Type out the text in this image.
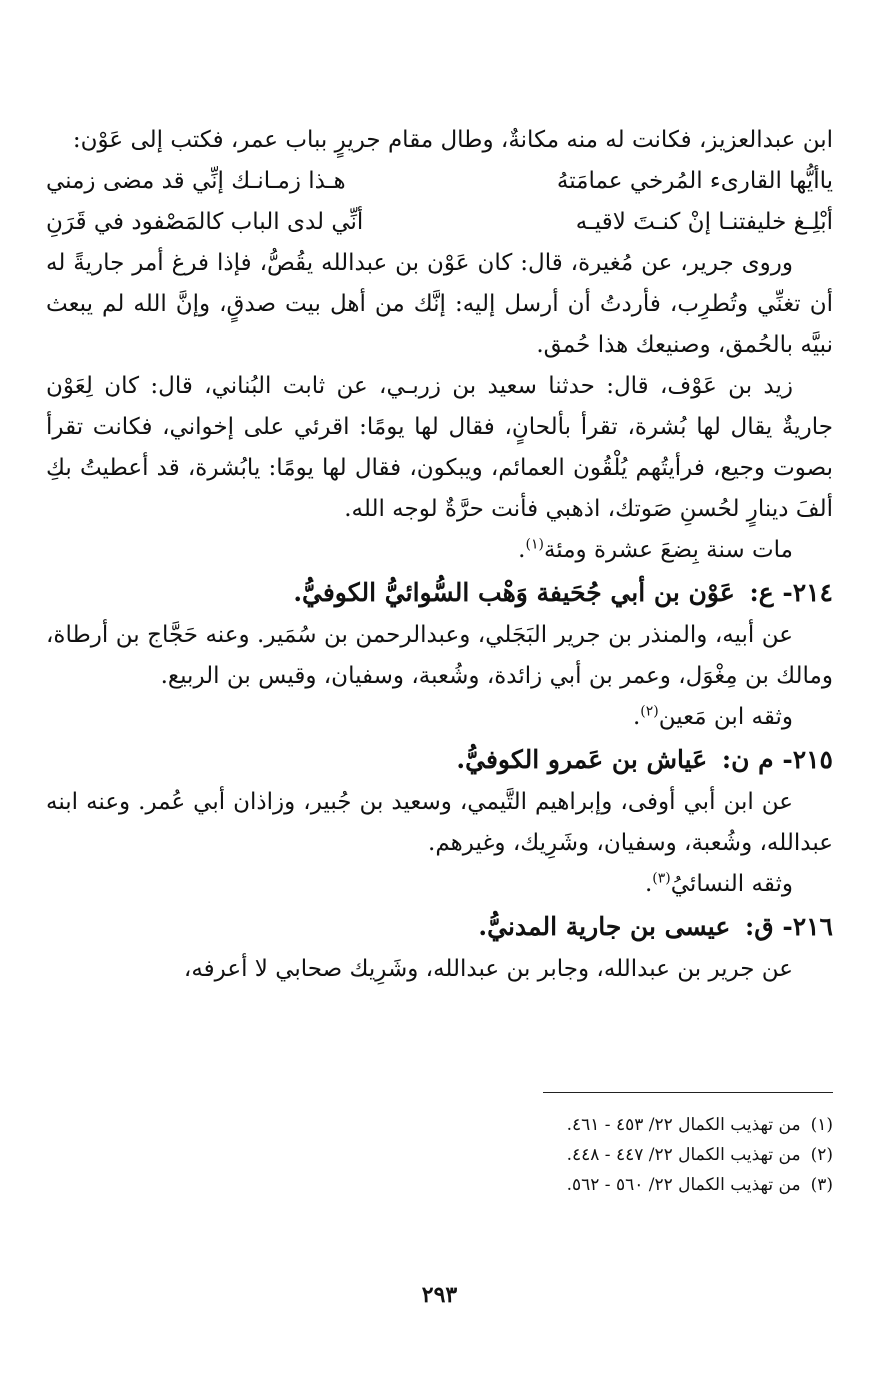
ابن عبدالعزيز، فكانت له منه مكانةٌ، وطال مقام جريرٍ بباب عمر، فكتب إلى عَوْن:

ياأيُّها القارىء المُرخي عمامَتهُ
هـذا زمـانـك إنِّي قد مضى زمني
أبْلِـغ خليفتنـا إنْ كنـتَ لاقيـه
أنِّي لدى الباب كالمَصْفود في قَرَنِ

وروى جرير، عن مُغيرة، قال: كان عَوْن بن عبدالله يقُصُّ، فإذا فرغ أمر جاريةً له أن تغنِّي وتُطرِب، فأردتُ أن أرسل إليه: إنَّك من أهل بيت صدقٍ، وإنَّ الله لم يبعث نبيَّه بالحُمق، وصنيعك هذا حُمق.

زيد بن عَوْف، قال: حدثنا سعيد بن زربـي، عن ثابت البُناني، قال: كان لِعَوْن جاريةٌ يقال لها بُشرة، تقرأ بألحانٍ، فقال لها يومًا: اقرئي على إخواني، فكانت تقرأ بصوت وجيع، فرأيتُهم يُلْقُون العمائم، ويبكون، فقال لها يومًا: يابُشرة، قد أعطيتُ بكِ ألفَ دينارٍ لحُسنِ صَوتك، اذهبي فأنت حرَّةٌ لوجه الله.

مات سنة بِضعَ عشرة ومئة$^{(١)}$.

٢١٤- ع: عَوْن بن أبي جُحَيفة وَهْب السُّوائيُّ الكوفيُّ.

عن أبيه، والمنذر بن جرير البَجَلي، وعبدالرحمن بن سُمَير. وعنه حَجَّاج بن أرطاة، ومالك بن مِغْوَل، وعمر بن أبي زائدة، وشُعبة، وسفيان، وقيس بن الربيع.

وثقه ابن مَعين$^{(٢)}$.

٢١٥- م ن: عَياش بن عَمرو الكوفيُّ.

عن ابن أبي أوفى، وإبراهيم التَّيمي، وسعيد بن جُبير، وزاذان أبي عُمر. وعنه ابنه عبدالله، وشُعبة، وسفيان، وشَرِيك، وغيرهم.

وثقه النسائيُ$^{(٣)}$.

٢١٦- ق: عيسى بن جارية المدنيُّ.

عن جرير بن عبدالله، وجابر بن عبدالله، وشَرِيك صحابي لا أعرفه،

(١)من تهذيب الكمال ٢٢/ ٤٥٣ - ٤٦١.
(٢)من تهذيب الكمال ٢٢/ ٤٤٧ - ٤٤٨.
(٣)من تهذيب الكمال ٢٢/ ٥٦٠ - ٥٦٢.
٢٩٣
